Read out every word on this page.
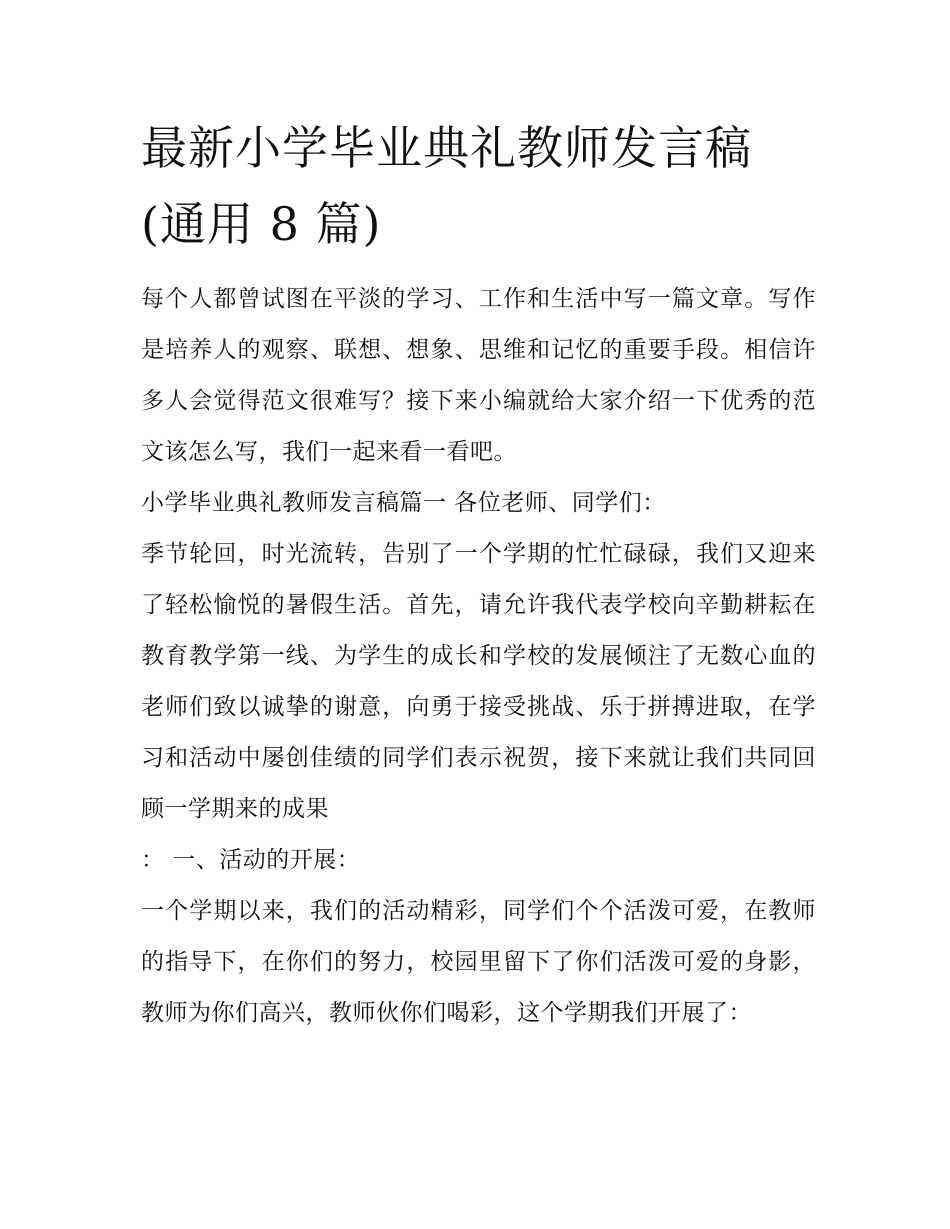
最新小学毕业典礼教师发言稿(通用 8 篇)

每个人都曾试图在平淡的学习、工作和生活中写一篇文章。写作是培养人的观察、联想、想象、思维和记忆的重要手段。相信许多人会觉得范文很难写？接下来小编就给大家介绍一下优秀的范文该怎么写，我们一起来看一看吧。

小学毕业典礼教师发言稿篇一 各位老师、同学们：

季节轮回，时光流转，告别了一个学期的忙忙碌碌，我们又迎来了轻松愉悦的暑假生活。首先，请允许我代表学校向辛勤耕耘在教育教学第一线、为学生的成长和学校的发展倾注了无数心血的老师们致以诚挚的谢意，向勇于接受挑战、乐于拼搏进取，在学习和活动中屡创佳绩的同学们表示祝贺，接下来就让我们共同回顾一学期来的成果

： 一、活动的开展：

一个学期以来，我们的活动精彩，同学们个个活泼可爱，在教师的指导下，在你们的努力，校园里留下了你们活泼可爱的身影，教师为你们高兴，教师伙你们喝彩，这个学期我们开展了：
